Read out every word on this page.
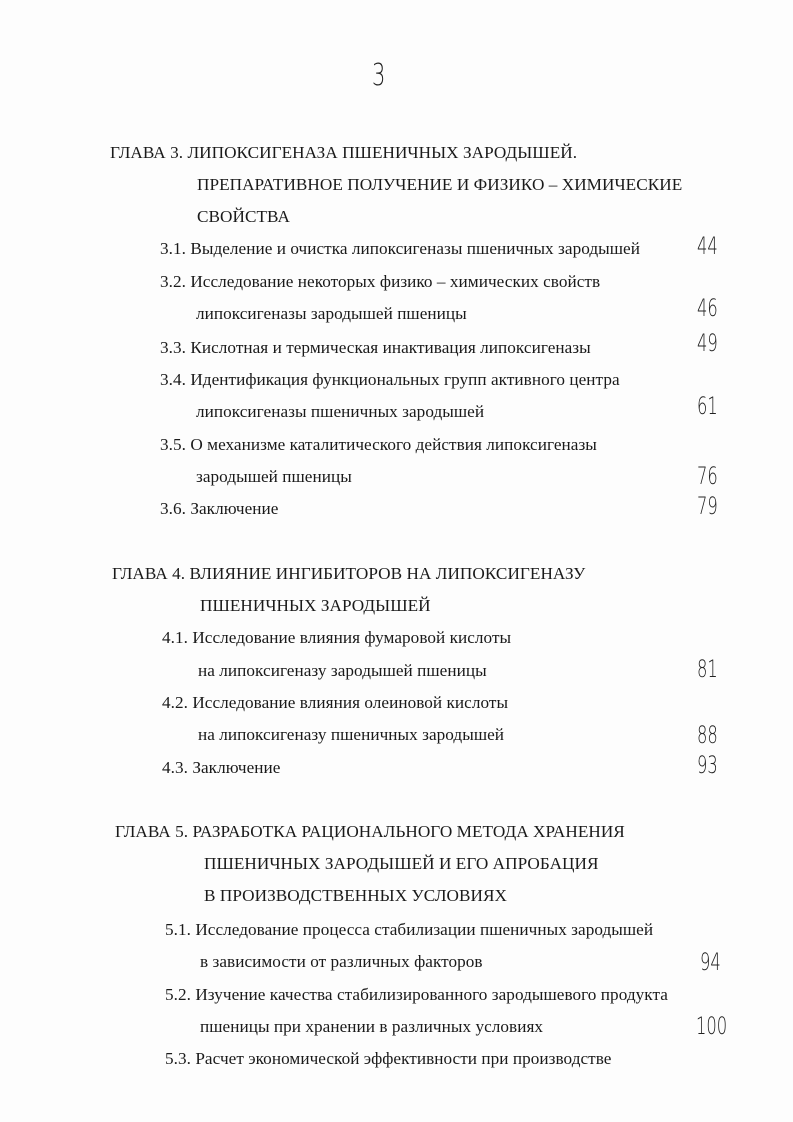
3
ГЛАВА 3. ЛИПОКСИГЕНАЗА ПШЕНИЧНЫХ ЗАРОДЫШЕЙ.
ПРЕПАРАТИВНОЕ ПОЛУЧЕНИЕ И ФИЗИКО – ХИМИЧЕСКИЕ
СВОЙСТВА
3.1. Выделение и очистка липоксигеназы пшеничных зародышей 44
3.2. Исследование некоторых физико – химических свойств
липоксигеназы зародышей пшеницы	46
3.3. Кислотная и термическая инактивация липоксигеназы	49
3.4. Идентификация функциональных групп активного центра
липоксигеназы пшеничных зародышей	61
3.5. О механизме каталитического действия липоксигеназы
зародышей пшеницы	76
3.6. Заключение	79
ГЛАВА 4. ВЛИЯНИЕ ИНГИБИТОРОВ НА ЛИПОКСИГЕНАЗУ
ПШЕНИЧНЫХ ЗАРОДЫШЕЙ
4.1. Исследование влияния фумаровой кислоты
на липоксигеназу зародышей пшеницы	81
4.2. Исследование влияния олеиновой кислоты
на липоксигеназу пшеничных зародышей	88
4.3. Заключение	93
ГЛАВА 5. РАЗРАБОТКА РАЦИОНАЛЬНОГО МЕТОДА ХРАНЕНИЯ
ПШЕНИЧНЫХ ЗАРОДЫШЕЙ И ЕГО АПРОБАЦИЯ
В ПРОИЗВОДСТВЕННЫХ УСЛОВИЯХ
5.1. Исследование процесса стабилизации пшеничных зародышей
в зависимости от различных факторов	94
5.2. Изучение качества стабилизированного зародышевого продукта
пшеницы при хранении в различных условиях	100
5.3. Расчет экономической эффективности при производстве
